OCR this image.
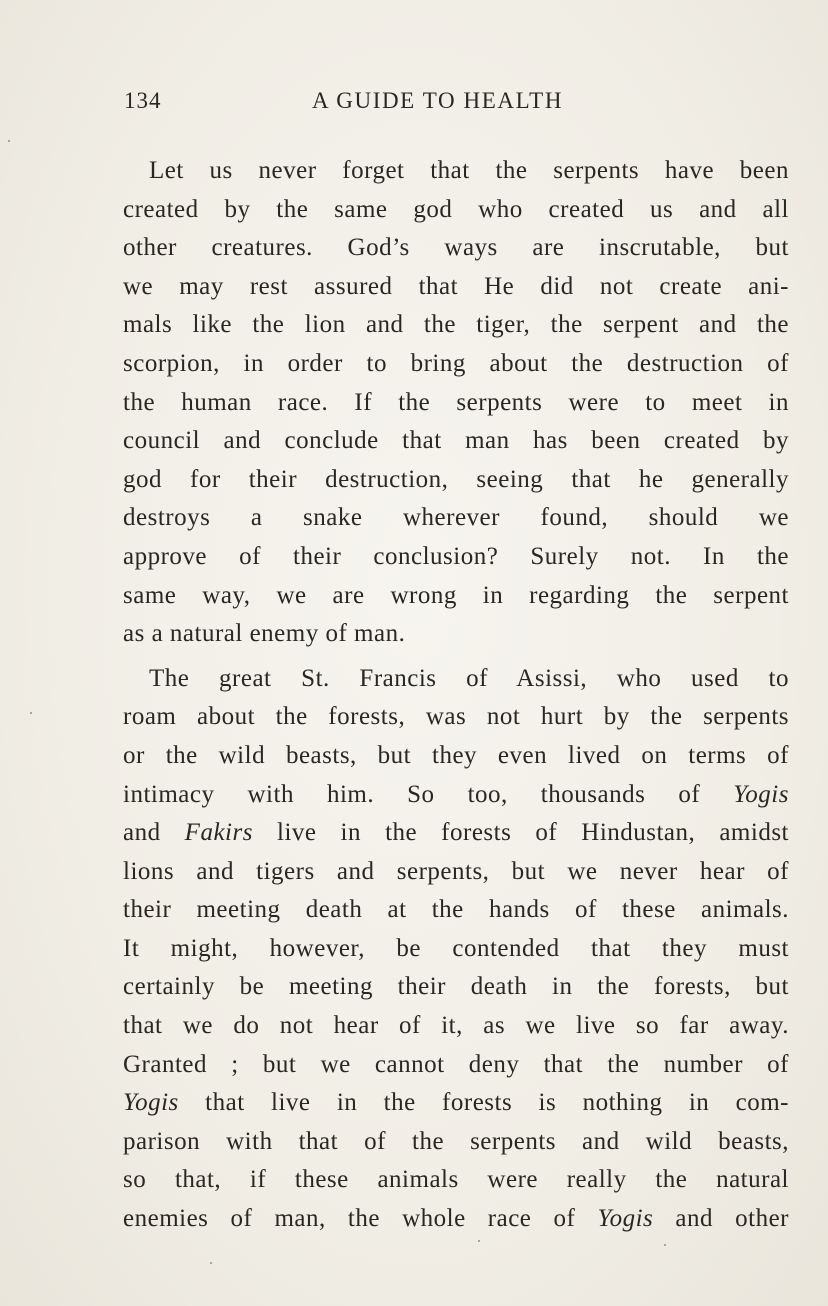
134	A GUIDE TO HEALTH
Let us never forget that the serpents have been
created by the same god who created us and all
other creatures. God’s ways are inscrutable, but
we may rest assured that He did not create ani-
mals like the lion and the tiger, the serpent and the
scorpion, in order to bring about the destruction of
the human race. If the serpents were to meet in
council and conclude that man has been created by
god for their destruction, seeing that he generally
destroys a snake wherever found, should we
approve of their conclusion? Surely not. In the
same way, we are wrong in regarding the serpent
as a natural enemy of man.
The great St. Francis of Asissi, who used to
roam about the forests, was not hurt by the serpents
or the wild beasts, but they even lived on terms of
intimacy with him. So too, thousands of Yogis
and Fakirs live in the forests of Hindustan, amidst
lions and tigers and serpents, but we never hear of
their meeting death at the hands of these animals.
It might, however, be contended that they must
certainly be meeting their death in the forests, but
that we do not hear of it, as we live so far away.
Granted ; but we cannot deny that the number of
Yogis that live in the forests is nothing in com-
parison with that of the serpents and wild beasts,
so that, if these animals were really the natural
enemies of man, the whole race of Yogis and other
